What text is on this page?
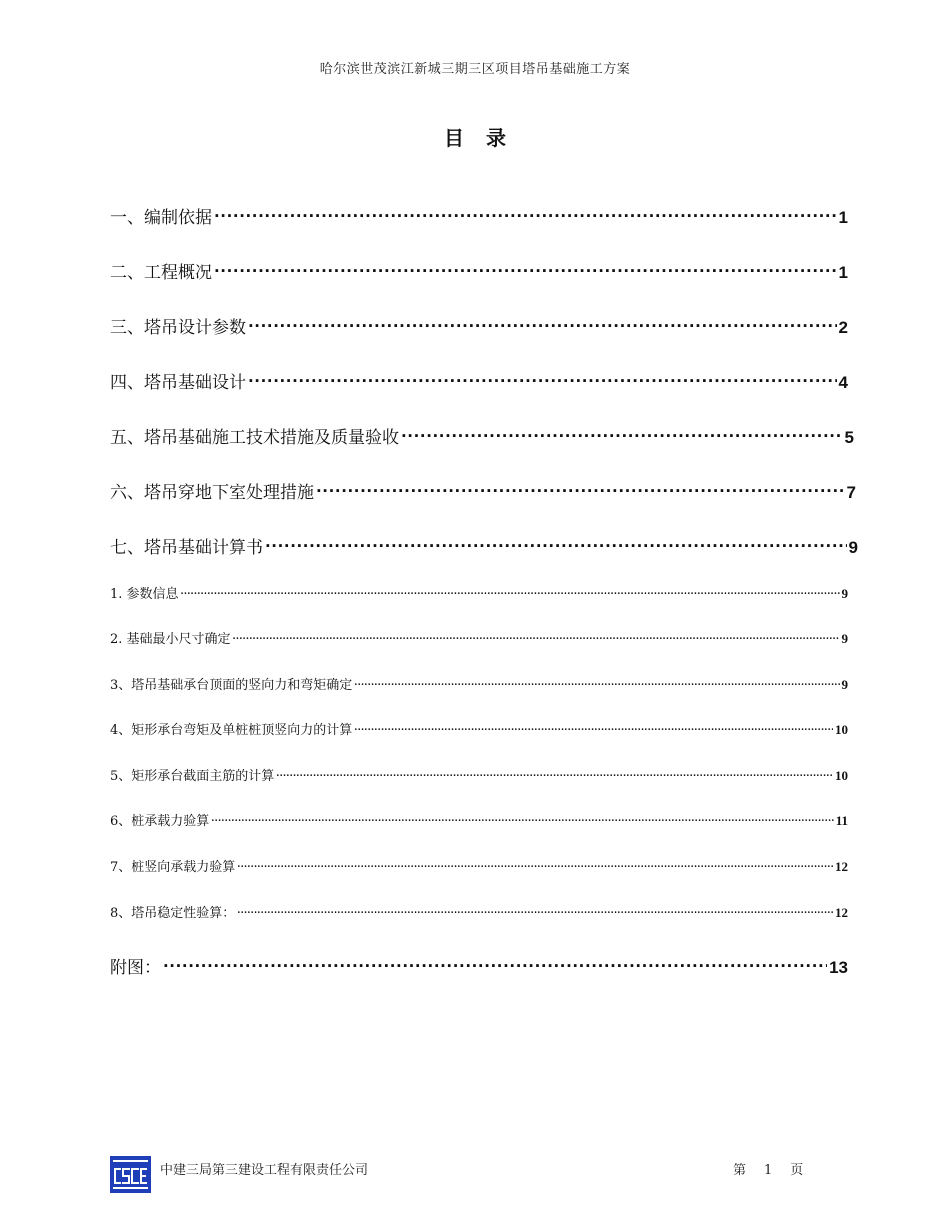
哈尔滨世茂滨江新城三期三区项目塔吊基础施工方案
目录
一、编制依据 .....	1
二、工程概况 .....	1
三、塔吊设计参数 .....	2
四、塔吊基础设计 .....	4
五、塔吊基础施工技术措施及质量验收 .....	5
六、塔吊穿地下室处理措施 .....	7
七、塔吊基础计算书 .....	9
1. 参数信息 .....	9
2. 基础最小尺寸确定 .....	9
3、塔吊基础承台顶面的竖向力和弯矩确定 .....	9
4、矩形承台弯矩及单桩桩顶竖向力的计算 .....	10
5、矩形承台截面主筋的计算 .....	10
6、桩承载力验算 .....	11
7、桩竖向承载力验算 .....	12
8、塔吊稳定性验算： .....	12
附图： .....	13
中建三局第三建设工程有限责任公司	第 1 页
